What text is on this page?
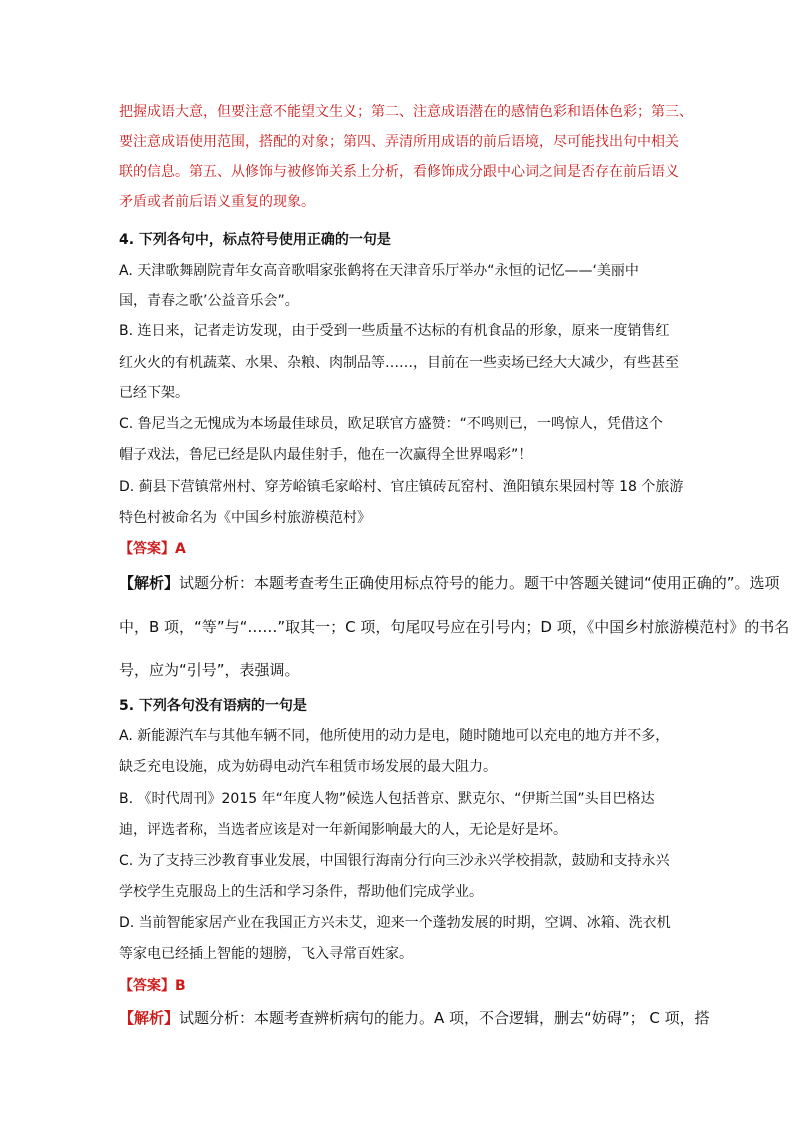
把握成语大意，但要注意不能望文生义；第二、注意成语潜在的感情色彩和语体色彩；第三、
要注意成语使用范围，搭配的对象；第四、弄清所用成语的前后语境，尽可能找出句中相关
联的信息。第五、从修饰与被修饰关系上分析，看修饰成分跟中心词之间是否存在前后语义
矛盾或者前后语义重复的现象。
4. 下列各句中，标点符号使用正确的一句是
A. 天津歌舞剧院青年女高音歌唱家张鹤将在天津音乐厅举办“永恒的记忆——‘美丽中
国，青春之歌’公益音乐会”。
B. 连日来，记者走访发现，由于受到一些质量不达标的有机食品的形象，原来一度销售红
红火火的有机蔬菜、水果、杂粮、肉制品等……，目前在一些卖场已经大大减少，有些甚至
已经下架。
C. 鲁尼当之无愧成为本场最佳球员，欧足联官方盛赞：“不鸣则已，一鸣惊人，凭借这个
帽子戏法，鲁尼已经是队内最佳射手，他在一次赢得全世界喝彩”！
D. 蓟县下营镇常州村、穿芳峪镇毛家峪村、官庄镇砖瓦窑村、渔阳镇东果园村等 18 个旅游
特色村被命名为《中国乡村旅游模范村》
【答案】A
【解析】试题分析：本题考查考生正确使用标点符号的能力。题干中答题关键词“使用正确的”。选项
中，B 项，“等”与“……”取其一；C 项，句尾叹号应在引号内；D 项，《中国乡村旅游模范村》的书名
号，应为“引号”，表强调。
5. 下列各句没有语病的一句是
A. 新能源汽车与其他车辆不同，他所使用的动力是电，随时随地可以充电的地方并不多，
缺乏充电设施，成为妨碍电动汽车租赁市场发展的最大阻力。
B. 《时代周刊》2015 年“年度人物”候选人包括普京、默克尔、“伊斯兰国”头目巴格达
迪，评选者称，当选者应该是对一年新闻影响最大的人，无论是好是坏。
C. 为了支持三沙教育事业发展，中国银行海南分行向三沙永兴学校捐款，鼓励和支持永兴
学校学生克服岛上的生活和学习条件，帮助他们完成学业。
D. 当前智能家居产业在我国正方兴未艾，迎来一个蓬勃发展的时期，空调、冰箱、洗衣机
等家电已经插上智能的翅膀，飞入寻常百姓家。
【答案】B
【解析】试题分析：本题考查辨析病句的能力。A 项，不合逻辑，删去“妨碍”； C 项，搭
